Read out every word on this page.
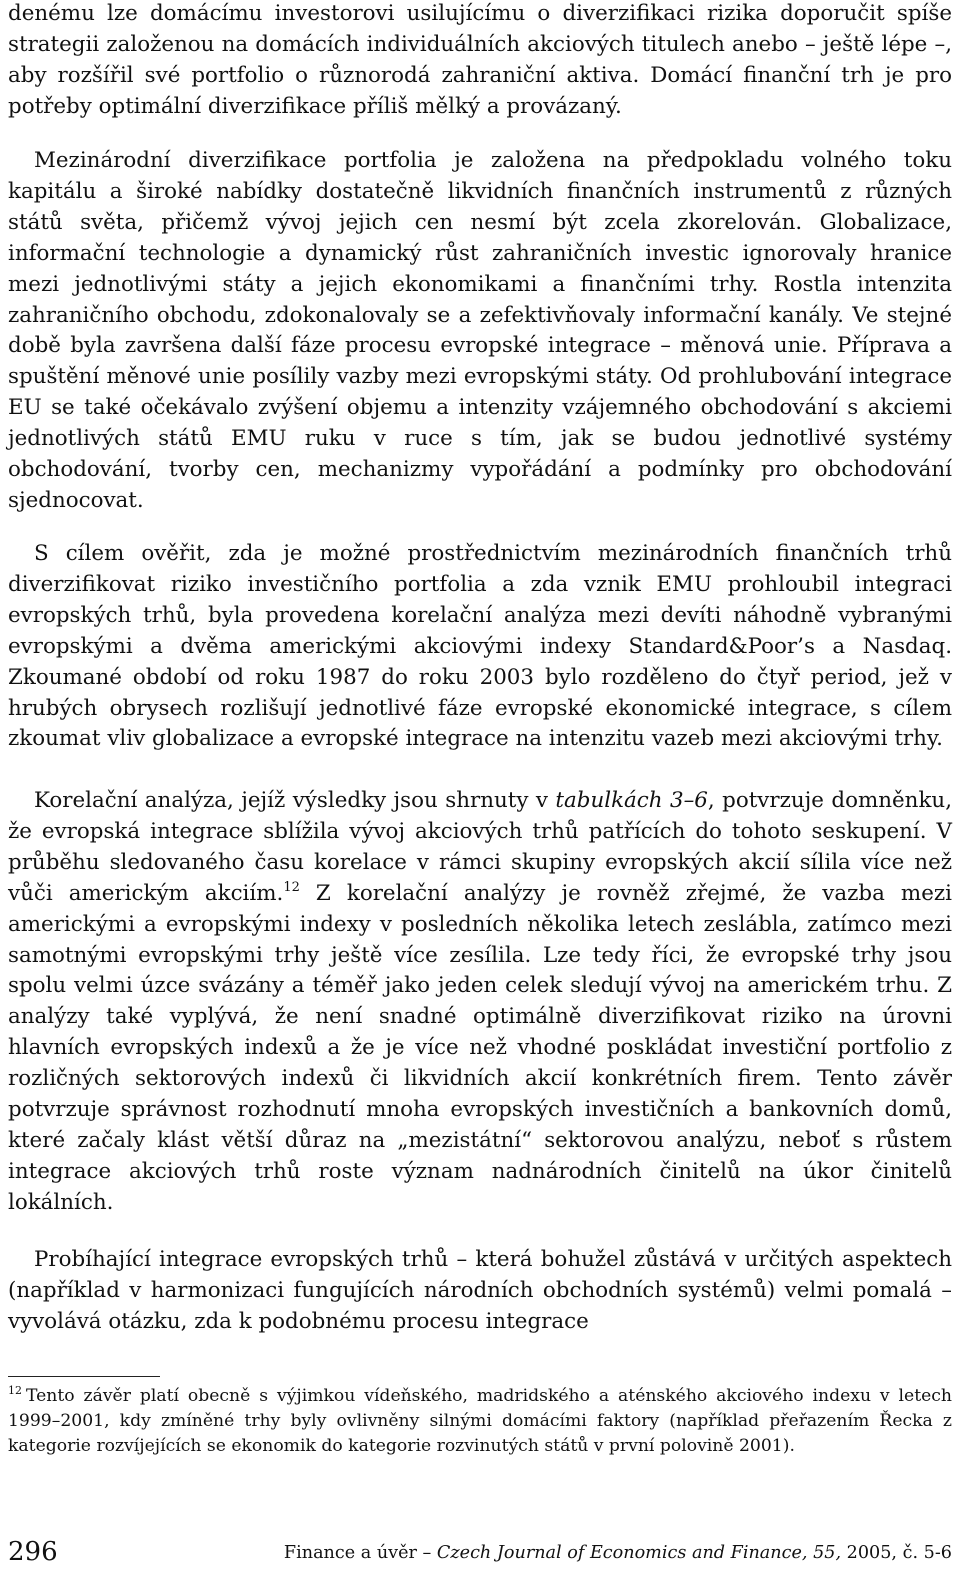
denému lze domácímu investorovi usilujícímu o diverzifikaci rizika doporučit spíše strategii založenou na domácích individuálních akciových titulech anebo – ještě lépe –, aby rozšířil své portfolio o různorodá zahraniční aktiva. Domácí finanční trh je pro potřeby optimální diverzifikace příliš mělký a provázaný.

Mezinárodní diverzifikace portfolia je založena na předpokladu volného toku kapitálu a široké nabídky dostatečně likvidních finančních instrumentů z různých států světa, přičemž vývoj jejich cen nesmí být zcela zkorelován. Globalizace, informační technologie a dynamický růst zahraničních investic ignorovaly hranice mezi jednotlivými státy a jejich ekonomikami a finančními trhy. Rostla intenzita zahraničního obchodu, zdokonalovaly se a zefektivňovaly informační kanály. Ve stejné době byla završena další fáze procesu evropské integrace – měnová unie. Příprava a spuštění měnové unie posílily vazby mezi evropskými státy. Od prohlubování integrace EU se také očekávalo zvýšení objemu a intenzity vzájemného obchodování s akciemi jednotlivých států EMU ruku v ruce s tím, jak se budou jednotlivé systémy obchodování, tvorby cen, mechanizmy vypořádání a podmínky pro obchodování sjednocovat.

S cílem ověřit, zda je možné prostřednictvím mezinárodních finančních trhů diverzifikovat riziko investičního portfolia a zda vznik EMU prohloubil integraci evropských trhů, byla provedena korelační analýza mezi devíti náhodně vybranými evropskými a dvěma americkými akciovými indexy Standard&Poor’s a Nasdaq. Zkoumané období od roku 1987 do roku 2003 bylo rozděleno do čtyř period, jež v hrubých obrysech rozlišují jednotlivé fáze evropské ekonomické integrace, s cílem zkoumat vliv globalizace a evropské integrace na intenzitu vazeb mezi akciovými trhy.

Korelační analýza, jejíž výsledky jsou shrnuty v tabulkách 3–6, potvrzuje domněnku, že evropská integrace sblížila vývoj akciových trhů patřících do tohoto seskupení. V průběhu sledovaného času korelace v rámci skupiny evropských akcií sílila více než vůči americkým akciím.$^{12}$ Z korelační analýzy je rovněž zřejmé, že vazba mezi americkými a evropskými indexy v posledních několika letech zeslábla, zatímco mezi samotnými evropskými trhy ještě více zesílila. Lze tedy říci, že evropské trhy jsou spolu velmi úzce svázány a téměř jako jeden celek sledují vývoj na americkém trhu. Z analýzy také vyplývá, že není snadné optimálně diverzifikovat riziko na úrovni hlavních evropských indexů a že je více než vhodné poskládat investiční portfolio z rozličných sektorových indexů či likvidních akcií konkrétních firem. Tento závěr potvrzuje správnost rozhodnutí mnoha evropských investičních a bankovních domů, které začaly klást větší důraz na „mezistátní“ sektorovou analýzu, neboť s růstem integrace akciových trhů roste význam nadnárodních činitelů na úkor činitelů lokálních.

Probíhající integrace evropských trhů – která bohužel zůstává v určitých aspektech (například v harmonizaci fungujících národních obchodních systémů) velmi pomalá – vyvolává otázku, zda k podobnému procesu integrace

$^{12}$ Tento závěr platí obecně s výjimkou vídeňského, madridského a aténského akciového indexu v letech 1999–2001, kdy zmíněné trhy byly ovlivněny silnými domácími faktory (například přeřazením Řecka z kategorie rozvíjejících se ekonomik do kategorie rozvinutých států v první polovině 2001).

296	Finance a úvěr – Czech Journal of Economics and Finance, 55, 2005, č. 5-6
